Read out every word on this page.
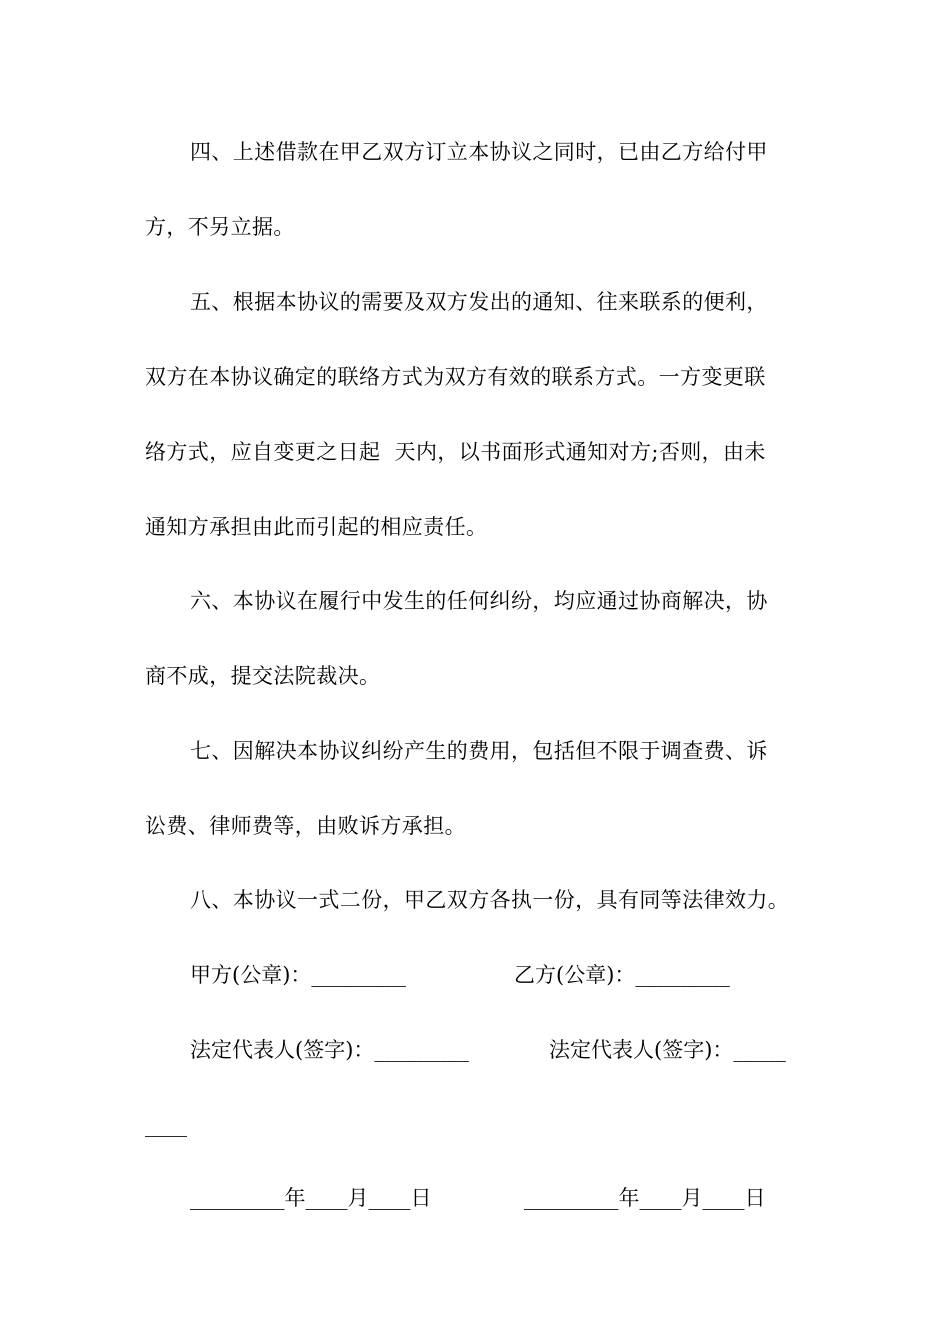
四、上述借款在甲乙双方订立本协议之同时，已由乙方给付甲
方，不另立据。
五、根据本协议的需要及双方发出的通知、往来联系的便利，
双方在本协议确定的联络方式为双方有效的联系方式。一方变更联
络方式，应自变更之日起  天内，以书面形式通知对方;否则，由未
通知方承担由此而引起的相应责任。
六、本协议在履行中发生的任何纠纷，均应通过协商解决，协
商不成，提交法院裁决。
七、因解决本协议纠纷产生的费用，包括但不限于调查费、诉
讼费、律师费等，由败诉方承担。
八、本协议一式二份，甲乙双方各执一份，具有同等法律效力。
甲方(公章)：_________	乙方(公章)：_________
法定代表人(签字)：_________	法定代表人(签字)：_____
____
_________年____月____日	_________年____月____日
